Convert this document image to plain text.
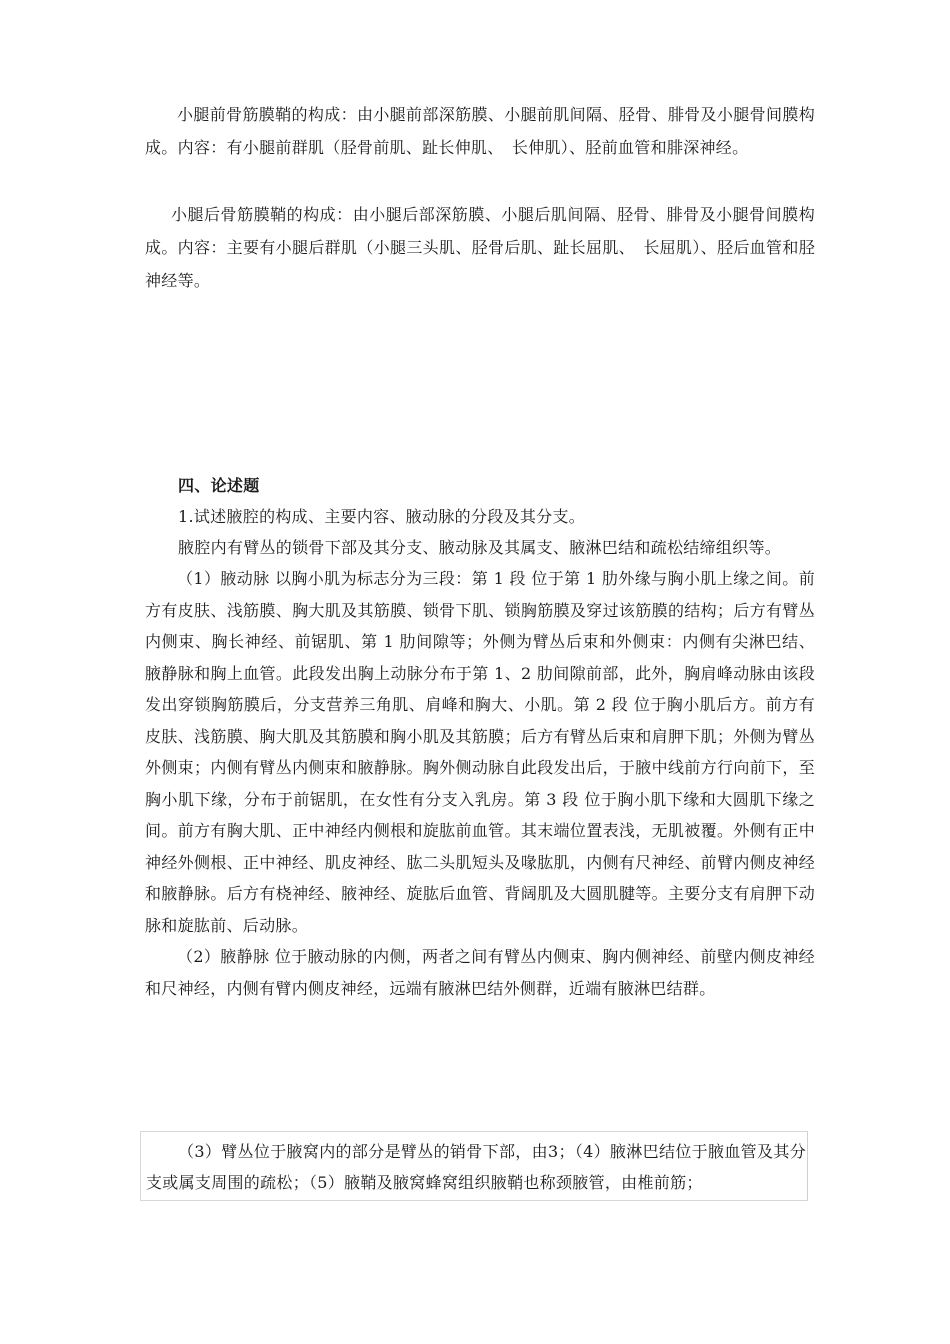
小腿前骨筋膜鞘的构成：由小腿前部深筋膜、小腿前肌间隔、胫骨、腓骨及小腿骨间膜构成。内容：有小腿前群肌（胫骨前肌、趾长伸肌、　长伸肌）、胫前血管和腓深神经。

小腿后骨筋膜鞘的构成：由小腿后部深筋膜、小腿后肌间隔、胫骨、腓骨及小腿骨间膜构成。内容：主要有小腿后群肌（小腿三头肌、胫骨后肌、趾长屈肌、　长屈肌）、胫后血管和胫神经等。

四、论述题

1.试述腋腔的构成、主要内容、腋动脉的分段及其分支。

腋腔内有臂丛的锁骨下部及其分支、腋动脉及其属支、腋淋巴结和疏松结缔组织等。

（1）腋动脉 以胸小肌为标志分为三段：第 1 段 位于第 1 肋外缘与胸小肌上缘之间。前方有皮肤、浅筋膜、胸大肌及其筋膜、锁骨下肌、锁胸筋膜及穿过该筋膜的结构；后方有臂丛内侧束、胸长神经、前锯肌、第 1 肋间隙等；外侧为臂丛后束和外侧束：内侧有尖淋巴结、腋静脉和胸上血管。此段发出胸上动脉分布于第 1、2 肋间隙前部，此外，胸肩峰动脉由该段发出穿锁胸筋膜后，分支营养三角肌、肩峰和胸大、小肌。第 2 段 位于胸小肌后方。前方有皮肤、浅筋膜、胸大肌及其筋膜和胸小肌及其筋膜；后方有臂丛后束和肩胛下肌；外侧为臂丛外侧束；内侧有臂丛内侧束和腋静脉。胸外侧动脉自此段发出后，于腋中线前方行向前下，至胸小肌下缘，分布于前锯肌，在女性有分支入乳房。第 3 段 位于胸小肌下缘和大圆肌下缘之间。前方有胸大肌、正中神经内侧根和旋肱前血管。其末端位置表浅，无肌被覆。外侧有正中神经外侧根、正中神经、肌皮神经、肱二头肌短头及喙肱肌，内侧有尺神经、前臂内侧皮神经和腋静脉。后方有桡神经、腋神经、旋肱后血管、背阔肌及大圆肌腱等。主要分支有肩胛下动脉和旋肱前、后动脉。

（2）腋静脉 位于腋动脉的内侧，两者之间有臂丛内侧束、胸内侧神经、前壁内侧皮神经和尺神经，内侧有臂内侧皮神经，远端有腋淋巴结外侧群，近端有腋淋巴结群。

（3）臂丛位于腋窝内的部分是臂丛的销骨下部，由3；（4）腋淋巴结位于腋血管及其分支或属支周围的疏松；（5）腋鞘及腋窝蜂窝组织腋鞘也称颈腋管，由椎前筋；
